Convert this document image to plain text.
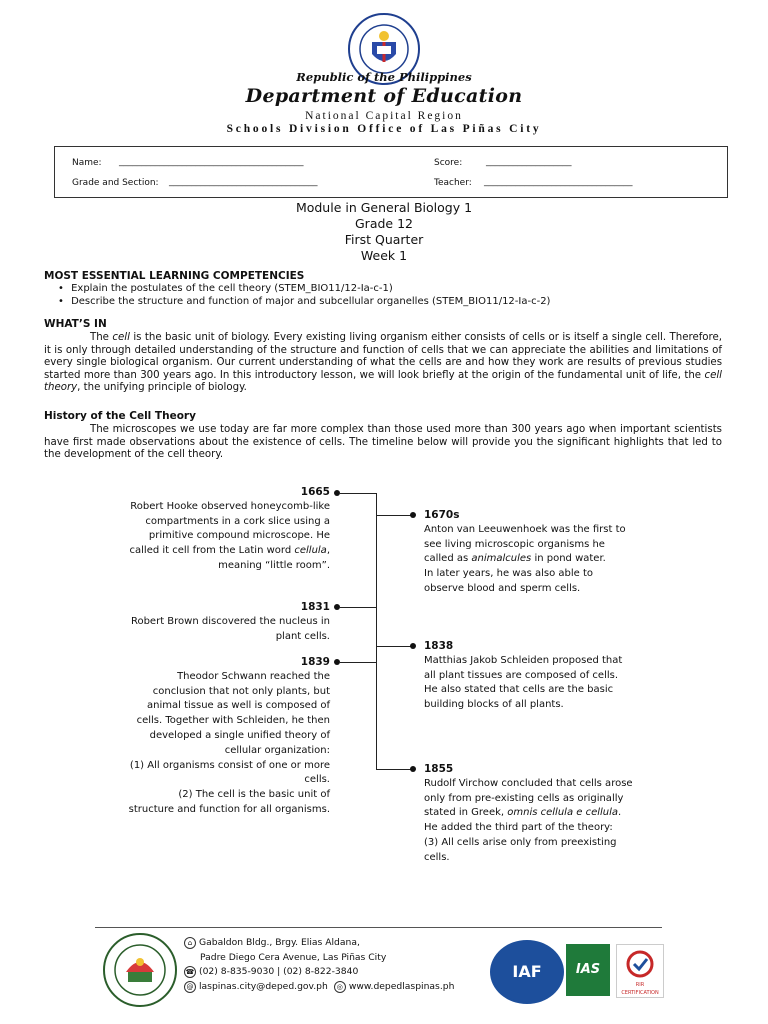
Republic of the Philippines
Department of Education
National Capital Region
Schools Division Office of Las Piñas City
Name: _________________________________________	Score:	___________________
Grade and Section: _________________________________	Teacher: _________________________________
Module in General Biology 1
Grade 12
First Quarter
Week 1
MOST ESSENTIAL LEARNING COMPETENCIES
• Explain the postulates of the cell theory (STEM_BIO11/12-Ia-c-1)
• Describe the structure and function of major and subcellular organelles (STEM_BIO11/12-Ia-c-2)
WHAT’S IN
The cell is the basic unit of biology. Every existing living organism either consists of cells or is itself a single cell. Therefore, it is only through detailed understanding of the structure and function of cells that we can appreciate the abilities and limitations of every single biological organism. Our current understanding of what the cells are and how they work are results of previous studies started more than 300 years ago. In this introductory lesson, we will look briefly at the origin of the fundamental unit of life, the cell theory, the unifying principle of biology.
History of the Cell Theory
The microscopes we use today are far more complex than those used more than 300 years ago when important scientists have first made observations about the existence of cells. The timeline below will provide you the significant highlights that led to the development of the cell theory.
1665
Robert Hooke observed honeycomb-like
compartments in a cork slice using a
primitive compound microscope. He
called it cell from the Latin word cellula,
meaning “little room”.
1831
Robert Brown discovered the nucleus in
plant cells.
1839
Theodor Schwann reached the
conclusion that not only plants, but
animal tissue as well is composed of
cells. Together with Schleiden, he then
developed a single unified theory of
cellular organization:
(1) All organisms consist of one or more
cells.
(2) The cell is the basic unit of
structure and function for all organisms.
1670s
Anton van Leeuwenhoek was the first to
see living microscopic organisms he
called as animalcules in pond water.
In later years, he was also able to
observe blood and sperm cells.
1838
Matthias Jakob Schleiden proposed that
all plant tissues are composed of cells.
He also stated that cells are the basic
building blocks of all plants.
1855
Rudolf Virchow concluded that cells arose
only from pre-existing cells as originally
stated in Greek, omnis cellula e cellula.
He added the third part of the theory:
(3) All cells arise only from preexisting
cells.
⌂ Gabaldon Bldg., Brgy. Elias Aldana,
Padre Diego Cera Avenue, Las Piñas City
☎ (02) 8-835-9030 | (02) 8-822-3840
@ laspinas.city@deped.gov.ph ◎ www.depedlaspinas.ph
IAF	IAS
RIR CERTIFICATION
